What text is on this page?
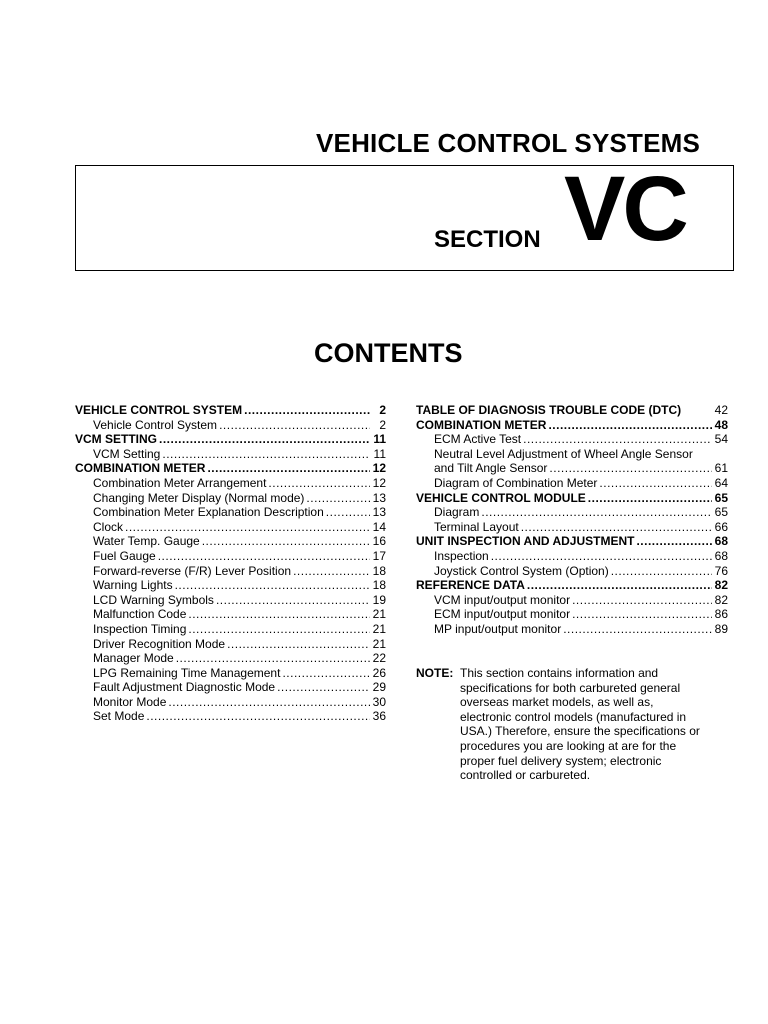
VEHICLE CONTROL SYSTEMS
SECTION VC
CONTENTS
VEHICLE CONTROL SYSTEM .....	2
Vehicle Control System .....	2
VCM SETTING .....	11
VCM Setting .....	11
COMBINATION METER .....	12
Combination Meter Arrangement .....	12
Changing Meter Display (Normal mode) .....	13
Combination Meter Explanation Description .....	13
Clock .....	14
Water Temp. Gauge .....	16
Fuel Gauge .....	17
Forward-reverse (F/R) Lever Position .....	18
Warning Lights .....	18
LCD Warning Symbols .....	19
Malfunction Code .....	21
Inspection Timing .....	21
Driver Recognition Mode .....	21
Manager Mode .....	22
LPG Remaining Time Management .....	26
Fault Adjustment Diagnostic Mode .....	29
Monitor Mode .....	30
Set Mode .....	36
TABLE OF DIAGNOSIS TROUBLE CODE (DTC)	42
COMBINATION METER .....	48
ECM Active Test .....	54
Neutral Level Adjustment of Wheel Angle Sensor
and Tilt Angle Sensor .....	61
Diagram of Combination Meter .....	64
VEHICLE CONTROL MODULE .....	65
Diagram .....	65
Terminal Layout .....	66
UNIT INSPECTION AND ADJUSTMENT .....	68
Inspection .....	68
Joystick Control System (Option) .....	76
REFERENCE DATA .....	82
VCM input/output monitor .....	82
ECM input/output monitor .....	86
MP input/output monitor .....	89
NOTE: This section contains information and specifications for both carbureted general overseas market models, as well as, electronic control models (manufactured in USA.) Therefore, ensure the specifications or procedures you are looking at are for the proper fuel delivery system; electronic controlled or carbureted.
